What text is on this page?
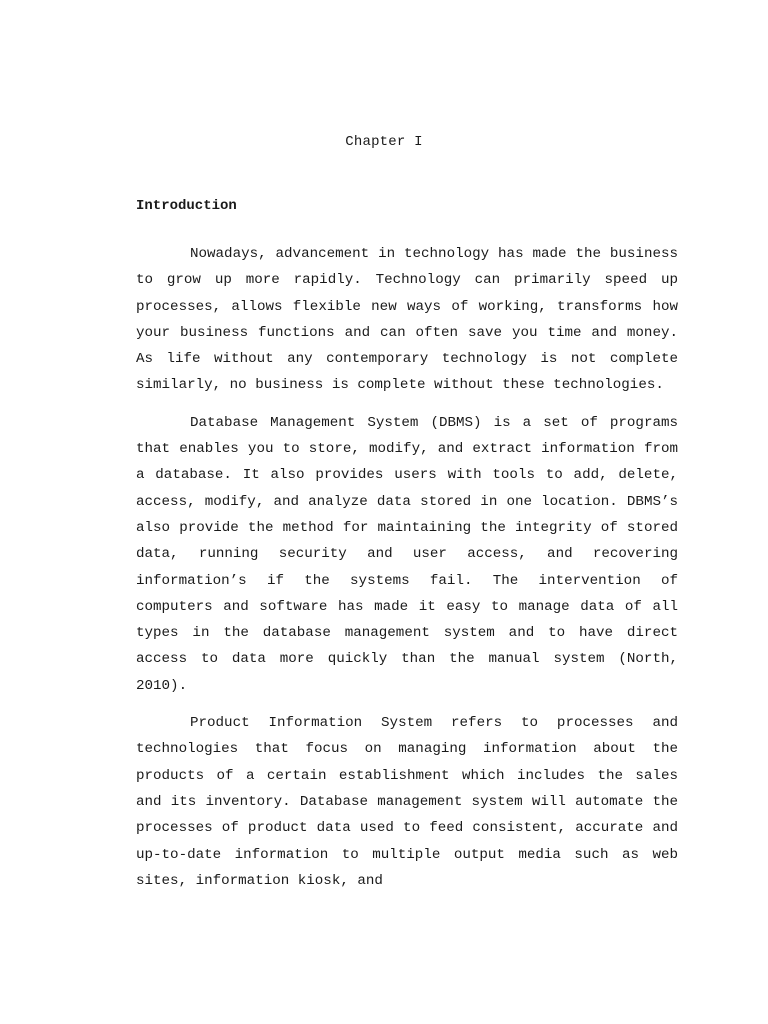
Chapter I
Introduction

Nowadays, advancement in technology has made the business to grow up more rapidly. Technology can primarily speed up processes, allows flexible new ways of working, transforms how your business functions and can often save you time and money. As life without any contemporary technology is not complete similarly, no business is complete without these technologies.

Database Management System (DBMS) is a set of programs that enables you to store, modify, and extract information from a database. It also provides users with tools to add, delete, access, modify, and analyze data stored in one location. DBMS’s also provide the method for maintaining the integrity of stored data, running security and user access, and recovering information’s if the systems fail. The intervention of computers and software has made it easy to manage data of all types in the database management system and to have direct access to data more quickly than the manual system (North, 2010).

Product Information System refers to processes and technologies that focus on managing information about the products of a certain establishment which includes the sales and its inventory. Database management system will automate the processes of product data used to feed consistent, accurate and up-to-date information to multiple output media such as web sites, information kiosk, and
